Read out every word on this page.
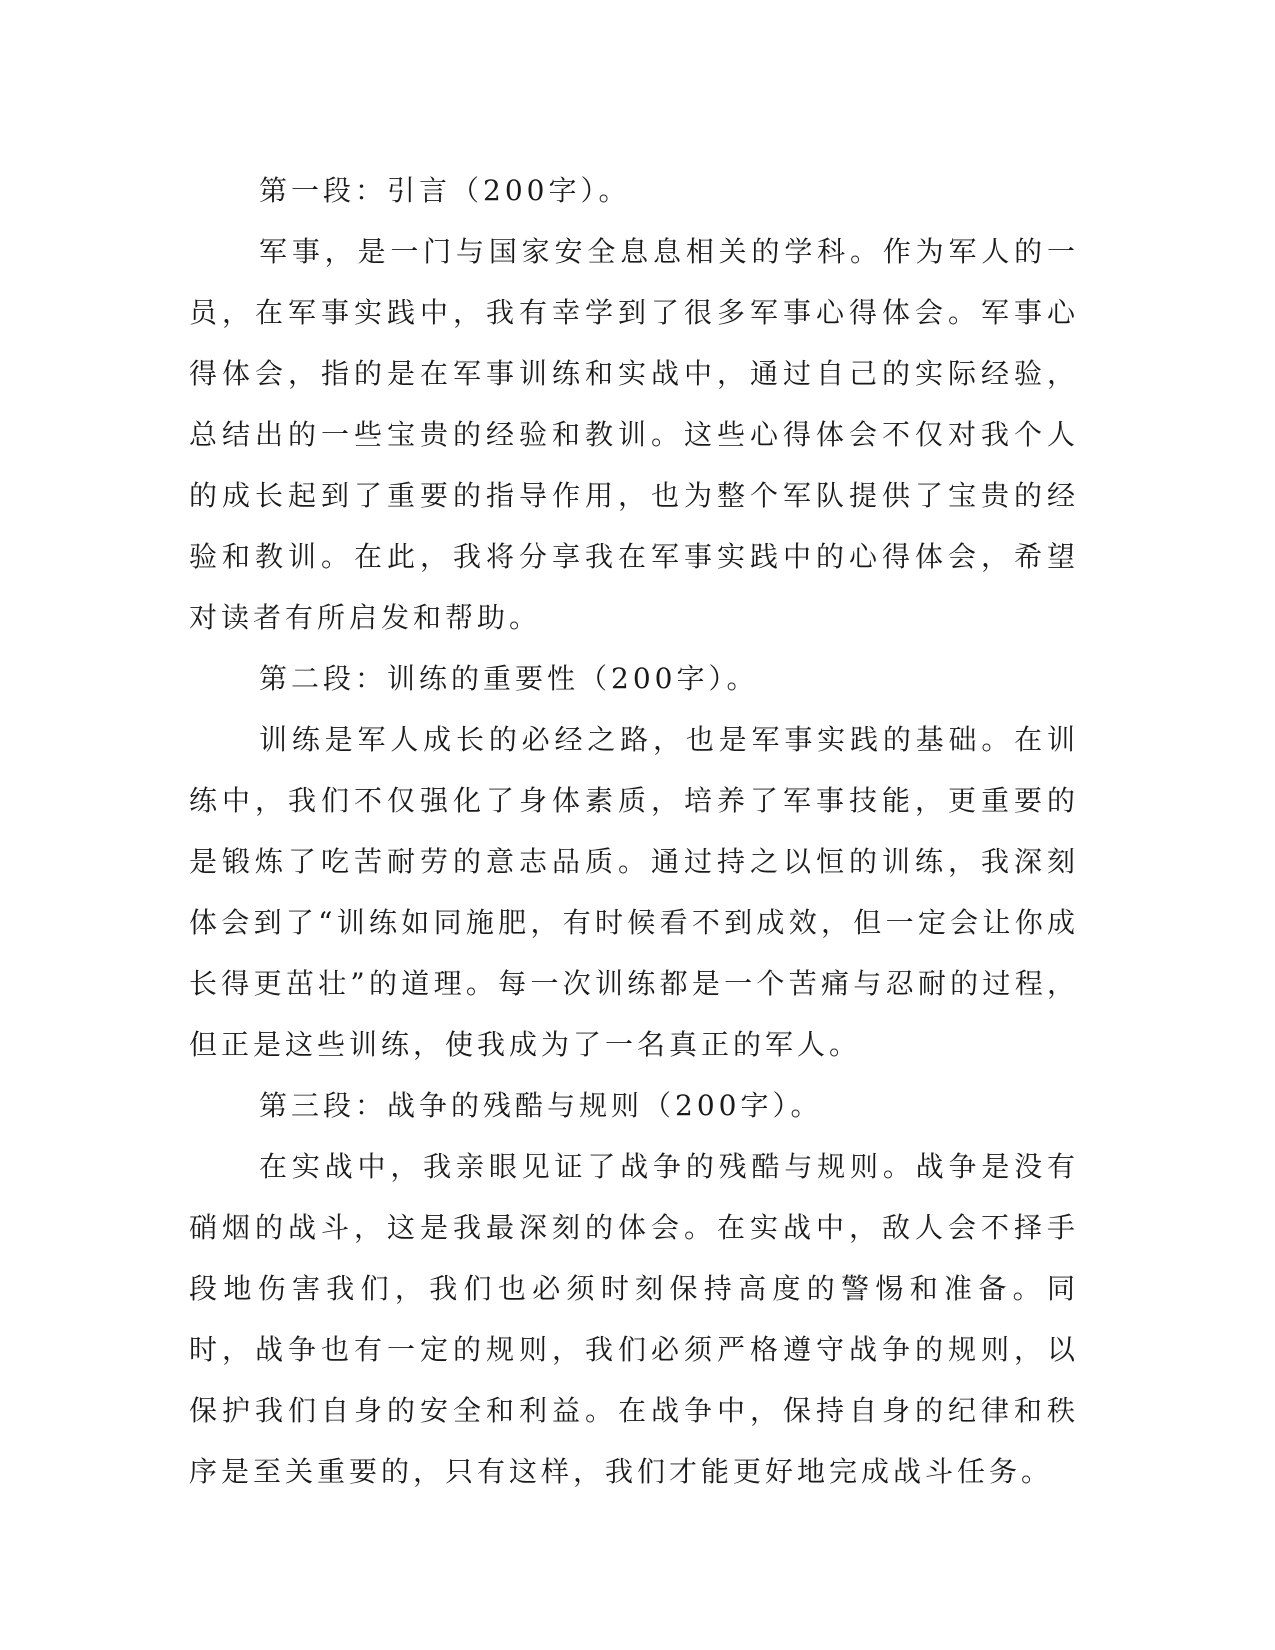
第一段：引言（200字）。

军事，是一门与国家安全息息相关的学科。作为军人的一员，在军事实践中，我有幸学到了很多军事心得体会。军事心得体会，指的是在军事训练和实战中，通过自己的实际经验，总结出的一些宝贵的经验和教训。这些心得体会不仅对我个人的成长起到了重要的指导作用，也为整个军队提供了宝贵的经验和教训。在此，我将分享我在军事实践中的心得体会，希望对读者有所启发和帮助。

第二段：训练的重要性（200字）。

训练是军人成长的必经之路，也是军事实践的基础。在训练中，我们不仅强化了身体素质，培养了军事技能，更重要的是锻炼了吃苦耐劳的意志品质。通过持之以恒的训练，我深刻体会到了“训练如同施肥，有时候看不到成效，但一定会让你成长得更茁壮”的道理。每一次训练都是一个苦痛与忍耐的过程，但正是这些训练，使我成为了一名真正的军人。

第三段：战争的残酷与规则（200字）。

在实战中，我亲眼见证了战争的残酷与规则。战争是没有硝烟的战斗，这是我最深刻的体会。在实战中，敌人会不择手段地伤害我们，我们也必须时刻保持高度的警惕和准备。同时，战争也有一定的规则，我们必须严格遵守战争的规则，以保护我们自身的安全和利益。在战争中，保持自身的纪律和秩序是至关重要的，只有这样，我们才能更好地完成战斗任务。
